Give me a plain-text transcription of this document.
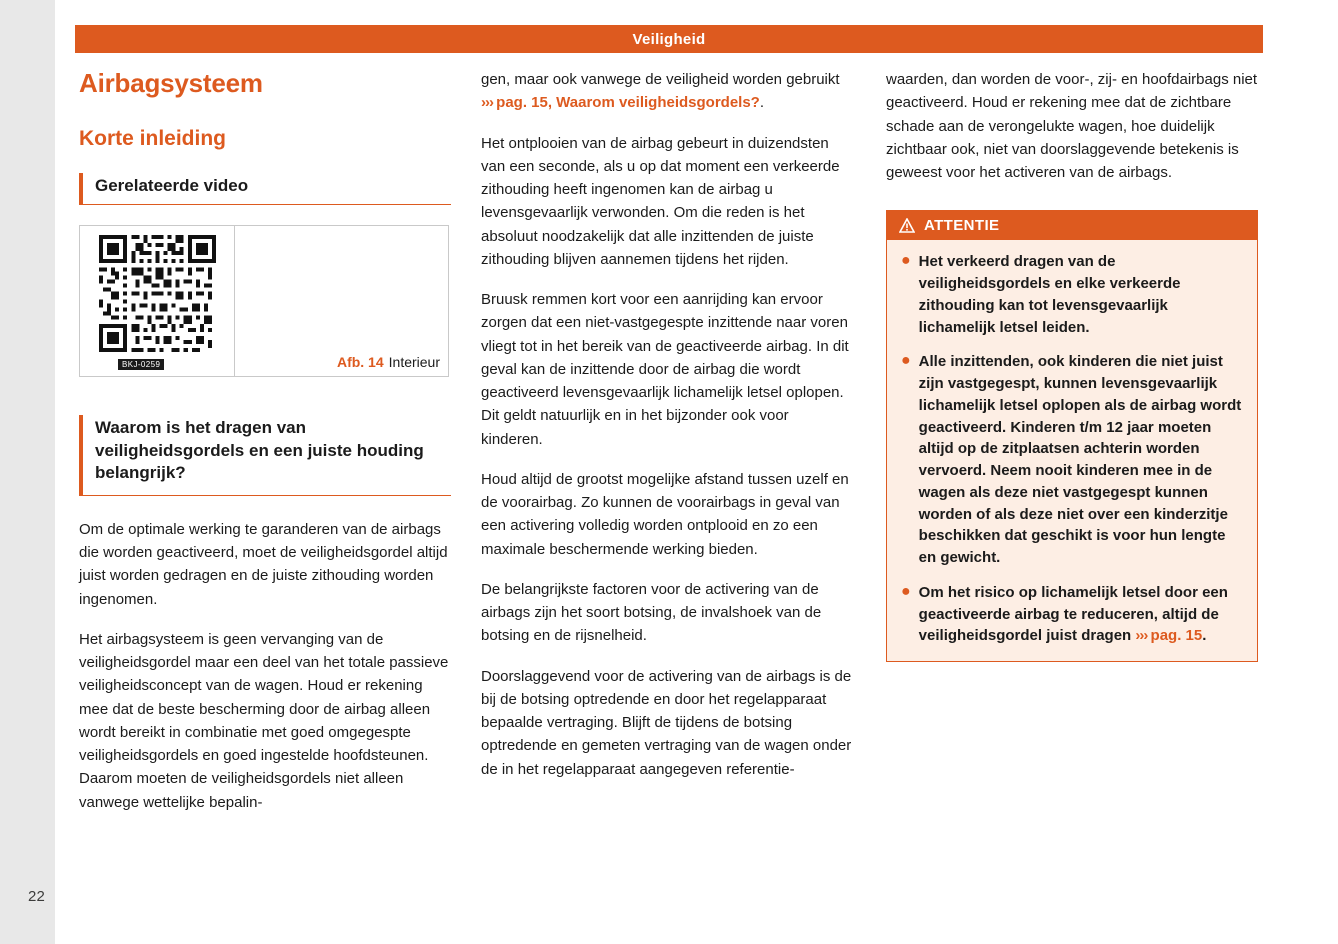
22
Veiligheid
Airbagsysteem
Korte inleiding
Gerelateerde video
BKJ-0259	Afb. 14 Interieur
Waarom is het dragen van veiligheidsgordels en een juiste houding belangrijk?

Om de optimale werking te garanderen van de airbags die worden geactiveerd, moet de veiligheidsgordel altijd juist worden gedragen en de juiste zithouding worden ingenomen.

Het airbagsysteem is geen vervanging van de veiligheidsgordel maar een deel van het totale passieve veiligheidsconcept van de wagen. Houd er rekening mee dat de beste bescherming door de airbag alleen wordt bereikt in combinatie met goed omgegespte veiligheidsgordels en goed ingestelde hoofdsteunen. Daarom moeten de veiligheidsgordels niet alleen vanwege wettelijke bepalin-

gen, maar ook vanwege de veiligheid worden gebruikt ››› pag. 15, Waarom veiligheidsgordels?.

Het ontplooien van de airbag gebeurt in duizendsten van een seconde, als u op dat moment een verkeerde zithouding heeft ingenomen kan de airbag u levensgevaarlijk verwonden. Om die reden is het absoluut noodzakelijk dat alle inzittenden de juiste zithouding blijven aannemen tijdens het rijden.

Bruusk remmen kort voor een aanrijding kan ervoor zorgen dat een niet-vastgegespte inzittende naar voren vliegt tot in het bereik van de geactiveerde airbag. In dit geval kan de inzittende door de airbag die wordt geactiveerd levensgevaarlijk lichamelijk letsel oplopen. Dit geldt natuurlijk en in het bijzonder ook voor kinderen.

Houd altijd de grootst mogelijke afstand tussen uzelf en de voorairbag. Zo kunnen de voorairbags in geval van een activering volledig worden ontplooid en zo een maximale beschermende werking bieden.

De belangrijkste factoren voor de activering van de airbags zijn het soort botsing, de invalshoek van de botsing en de rijsnelheid.

Doorslaggevend voor de activering van de airbags is de bij de botsing optredende en door het regelapparaat bepaalde vertraging. Blijft de tijdens de botsing optredende en gemeten vertraging van de wagen onder de in het regelapparaat aangegeven referentie-

waarden, dan worden de voor-, zij- en hoofdairbags niet geactiveerd. Houd er rekening mee dat de zichtbare schade aan de verongelukte wagen, hoe duidelijk zichtbaar ook, niet van doorslaggevende betekenis is geweest voor het activeren van de airbags.

ATTENTIE
● Het verkeerd dragen van de veiligheidsgordels en elke verkeerde zithouding kan tot levensgevaarlijk lichamelijk letsel leiden.
● Alle inzittenden, ook kinderen die niet juist zijn vastgegespt, kunnen levensgevaarlijk lichamelijk letsel oplopen als de airbag wordt geactiveerd. Kinderen t/m 12 jaar moeten altijd op de zitplaatsen achterin worden vervoerd. Neem nooit kinderen mee in de wagen als deze niet vastgegespt kunnen worden of als deze niet over een kinderzitje beschikken dat geschikt is voor hun lengte en gewicht.
● Om het risico op lichamelijk letsel door een geactiveerde airbag te reduceren, altijd de veiligheidsgordel juist dragen ››› pag. 15.
